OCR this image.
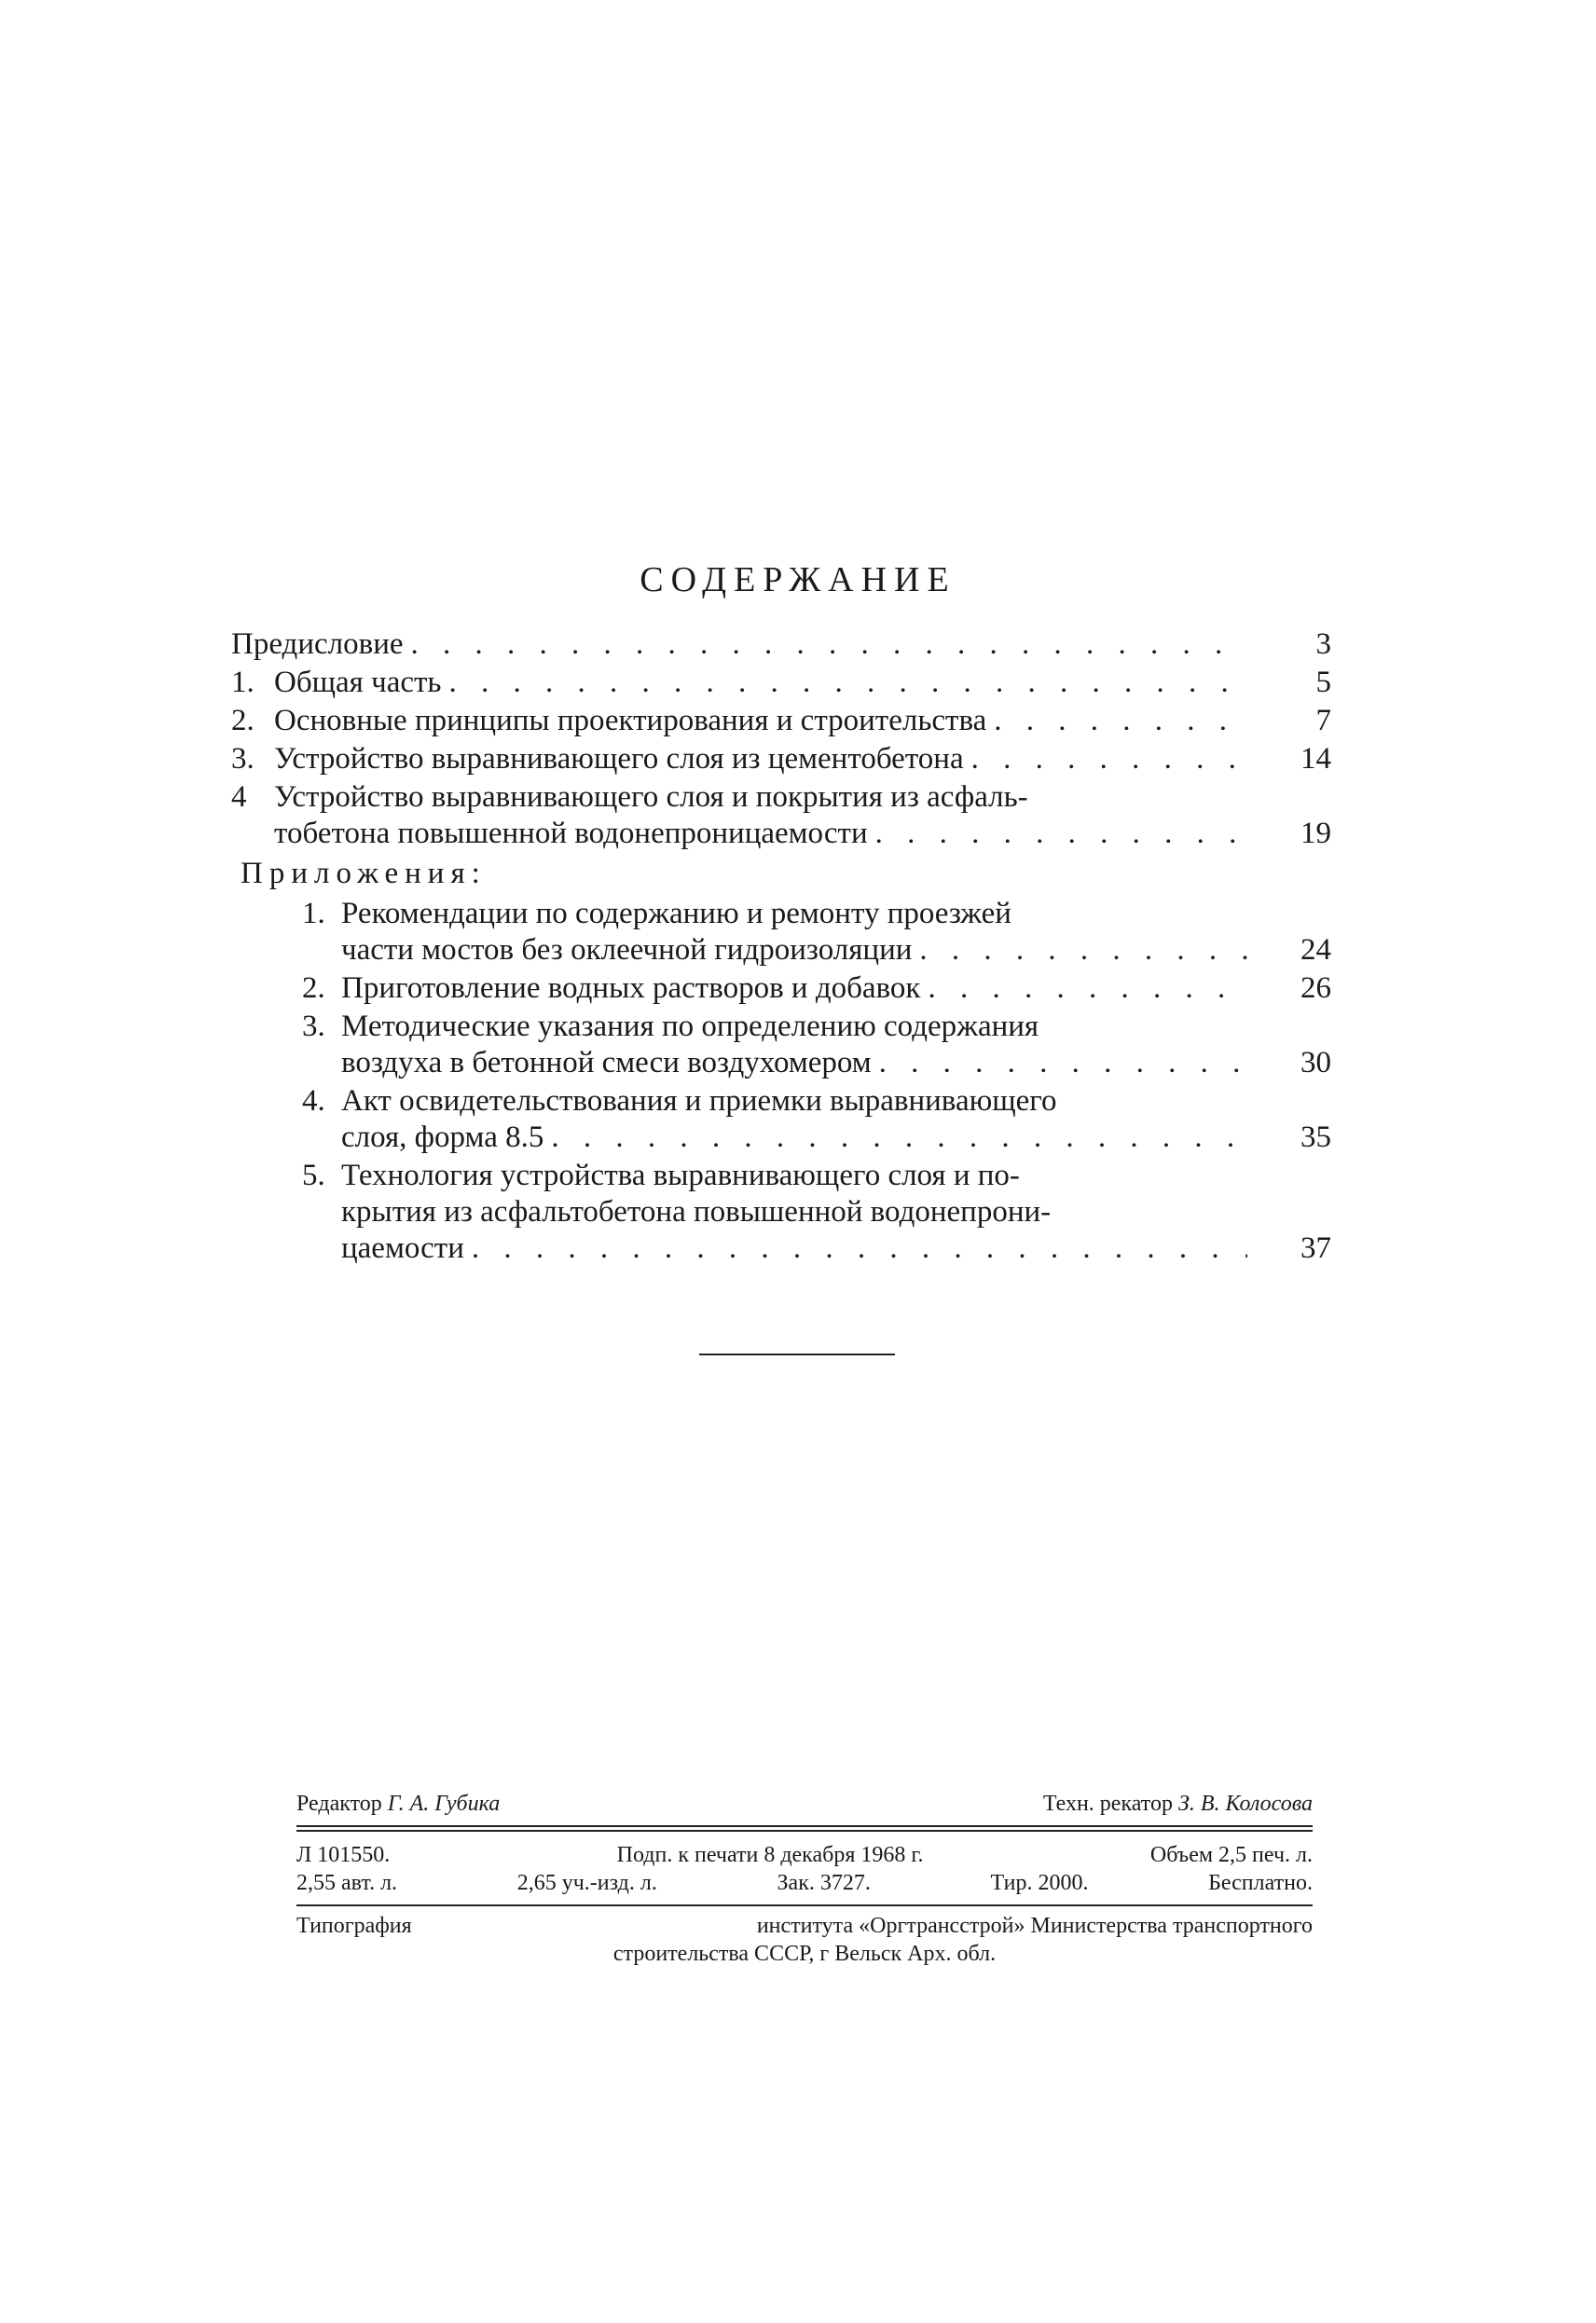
СОДЕРЖАНИЕ
Предисловие . . .	3
1. Общая часть . . .	5
2. Основные принципы проектирования и строительства . . .	7
3. Устройство выравнивающего слоя из цементобетона . . .	14
4 Устройство выравнивающего слоя и покрытия из асфаль-
тобетона повышенной водонепроницаемости . . .	19
Приложения:
1. Рекомендации по содержанию и ремонту проезжей
части мостов без оклеечной гидроизоляции . . .	24
2. Приготовление водных растворов и добавок . . .	26
3. Методические указания по определению содержания
воздуха в бетонной смеси воздухомером . . .	30
4. Акт освидетельствования и приемки выравнивающего
слоя, форма 8.5 . . .	35
5. Технология устройства выравнивающего слоя и по-
крытия из асфальтобетона повышенной водонепрони-
цаемости . . .	37
Редактор Г. А. Губика	Техн. рекатор З. В. Колосова
Л 101550.	Подп. к печати 8 декабря 1968 г.	Объем 2,5 печ. л.
2,55 авт. л.	2,65 уч.-изд. л.	Зак. 3727.	Тир. 2000.	Бесплатно.
Типография	института «Оргтрансстрой» Министерства транспортного
строительства СССР, г Вельск Арх. обл.
